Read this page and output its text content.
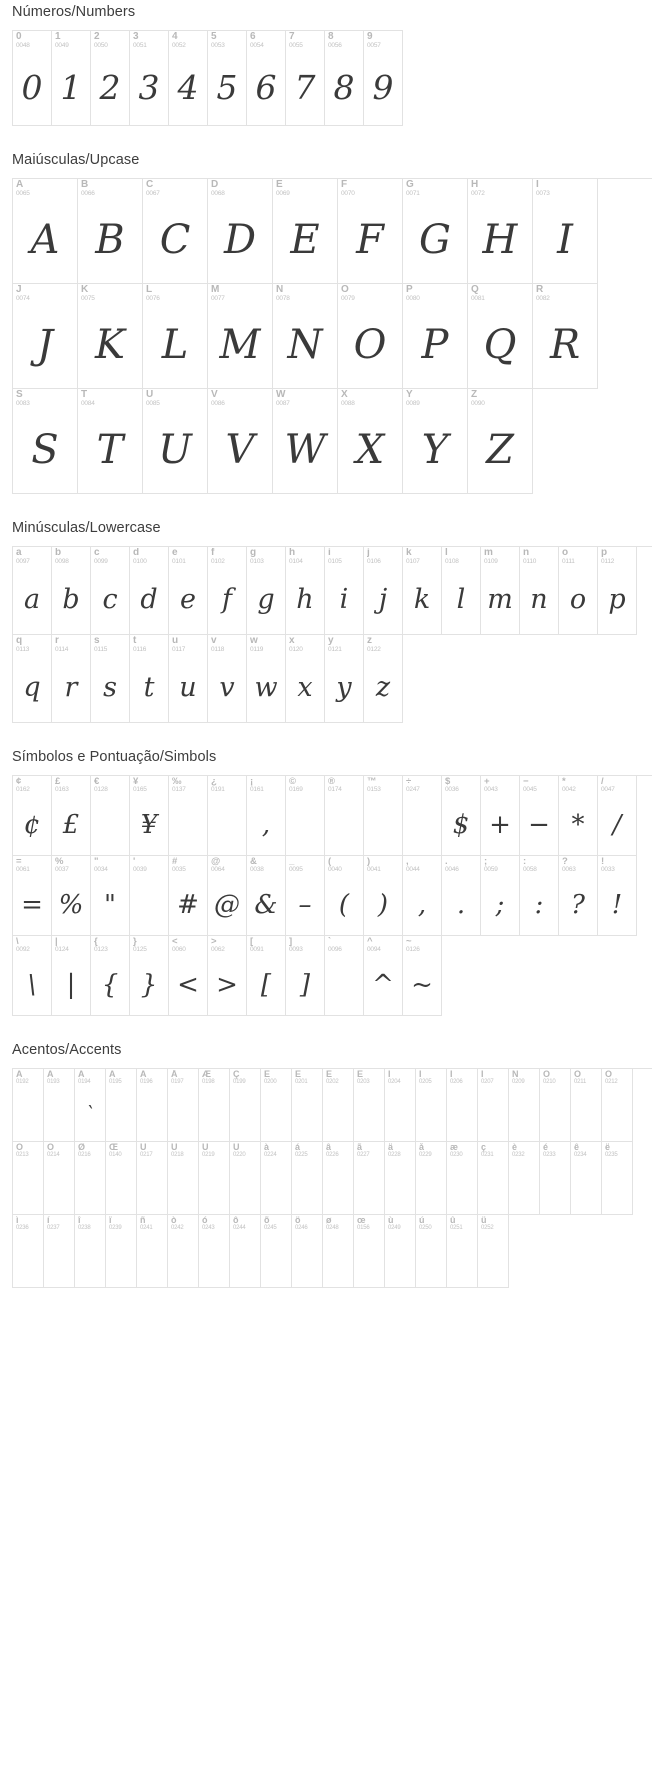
Números/Numbers
0
0048
0
1
0049
1
2
0050
2
3
0051
3
4
0052
4
5
0053
5
6
0054
6
7
0055
7
8
0056
8
9
0057
9
Maiúsculas/Upcase
A
0065
A
B
0066
B
C
0067
C
D
0068
D
E
0069
E
F
0070
F
G
0071
G
H
0072
H
I
0073
I
J
0074
J
K
0075
K
L
0076
L
M
0077
M
N
0078
N
O
0079
O
P
0080
P
Q
0081
Q
R
0082
R
S
0083
S
T
0084
T
U
0085
U
V
0086
V
W
0087
W
X
0088
X
Y
0089
Y
Z
0090
Z
Minúsculas/Lowercase
a
0097
a
b
0098
b
c
0099
c
d
0100
d
e
0101
e
f
0102
f
g
0103
g
h
0104
h
i
0105
i
j
0106
j
k
0107
k
l
0108
l
m
0109
m
n
0110
n
o
0111
o
p
0112
p
q
0113
q
r
0114
r
s
0115
s
t
0116
t
u
0117
u
v
0118
v
w
0119
w
x
0120
x
y
0121
y
z
0122
z
Símbolos e Pontuação/Simbols
¢
0162
¢
£
0163
£
€
0128
¥
0165
¥
‰
0137
¿
0191
¡
0161
,
©
0169
®
0174
™
0153
÷
0247
$
0036
$
+
0043
+
−
0045
−
*
0042
*
/
0047
/
=
0061
=
%
0037
%
"
0034
"
'
0039
#
0035
#
@
0064
@
&
0038
&
_
0095
–
(
0040
(
)
0041
)
,
0044
,
.
0046
.
;
0059
;
:
0058
:
?
0063
?
!
0033
!
\
0092
\
|
0124
|
{
0123
{
}
0125
}
<
0060
<
>
0062
>
[
0091
[
]
0093
]
`
0096
^
0094
^
~
0126
~
Acentos/Accents
À
0192
Á
0193
Â
0194
`
Ã
0195
Ä
0196
Å
0197
Æ
0198
Ç
0199
È
0200
É
0201
Ê
0202
Ë
0203
Ì
0204
Í
0205
Î
0206
Ï
0207
Ñ
0209
Ò
0210
Ó
0211
Ô
0212
Õ
0213
Ö
0214
Ø
0216
Œ
0140
Ù
0217
Ú
0218
Û
0219
Ü
0220
à
0224
á
0225
â
0226
ã
0227
ä
0228
å
0229
æ
0230
ç
0231
è
0232
é
0233
ê
0234
ë
0235
ì
0236
í
0237
î
0238
ï
0239
ñ
0241
ò
0242
ó
0243
ô
0244
õ
0245
ö
0246
ø
0248
œ
0156
ù
0249
ú
0250
û
0251
ü
0252
